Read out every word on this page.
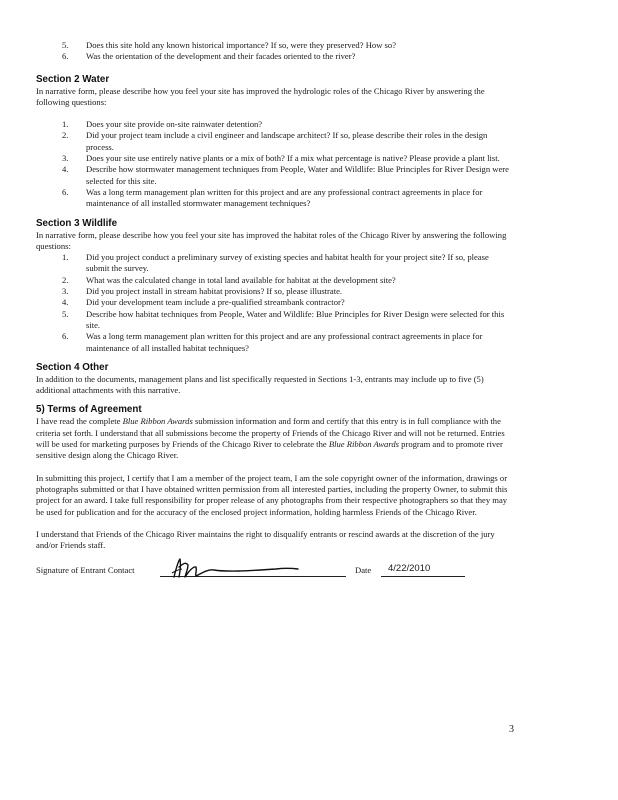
5. Does this site hold any known historical importance? If so, were they preserved? How so?
6. Was the orientation of the development and their facades oriented to the river?
Section 2 Water

In narrative form, please describe how you feel your site has improved the hydrologic roles of the Chicago River by answering the following questions:

1. Does your site provide on-site rainwater detention?
2. Did your project team include a civil engineer and landscape architect? If so, please describe their roles in the design process.
3. Does your site use entirely native plants or a mix of both? If a mix what percentage is native? Please provide a plant list.
4. Describe how stormwater management techniques from People, Water and Wildlife: Blue Principles for River Design were selected for this site.
6. Was a long term management plan written for this project and are any professional contract agreements in place for maintenance of all installed stormwater management techniques?
Section 3 Wildlife

In narrative form, please describe how you feel your site has improved the habitat roles of the Chicago River by answering the following questions:

1. Did you project conduct a preliminary survey of existing species and habitat health for your project site? If so, please submit the survey.
2. What was the calculated change in total land available for habitat at the development site?
3. Did you project install in stream habitat provisions? If so, please illustrate.
4. Did your development team include a pre-qualified streambank contractor?
5. Describe how habitat techniques from People, Water and Wildlife: Blue Principles for River Design were selected for this site.
6. Was a long term management plan written for this project and are any professional contract agreements in place for maintenance of all installed habitat techniques?
Section 4 Other

In addition to the documents, management plans and list specifically requested in Sections 1-3, entrants may include up to five (5) additional attachments with this narrative.

5) Terms of Agreement

I have read the complete Blue Ribbon Awards submission information and form and certify that this entry is in full compliance with the criteria set forth. I understand that all submissions become the property of Friends of the Chicago River and will not be returned. Entries will be used for marketing purposes by Friends of the Chicago River to celebrate the Blue Ribbon Awards program and to promote river sensitive design along the Chicago River.

In submitting this project, I certify that I am a member of the project team, I am the sole copyright owner of the information, drawings or photographs submitted or that I have obtained written permission from all interested parties, including the property Owner, to submit this project for an award. I take full responsibility for proper release of any photographs from their respective photographers so that they may be used for publication and for the accuracy of the enclosed project information, holding harmless Friends of the Chicago River.

I understand that Friends of the Chicago River maintains the right to disqualify entrants or rescind awards at the discretion of the jury and/or Friends staff.

Signature of Entrant Contact	Date 4/22/2010
3
